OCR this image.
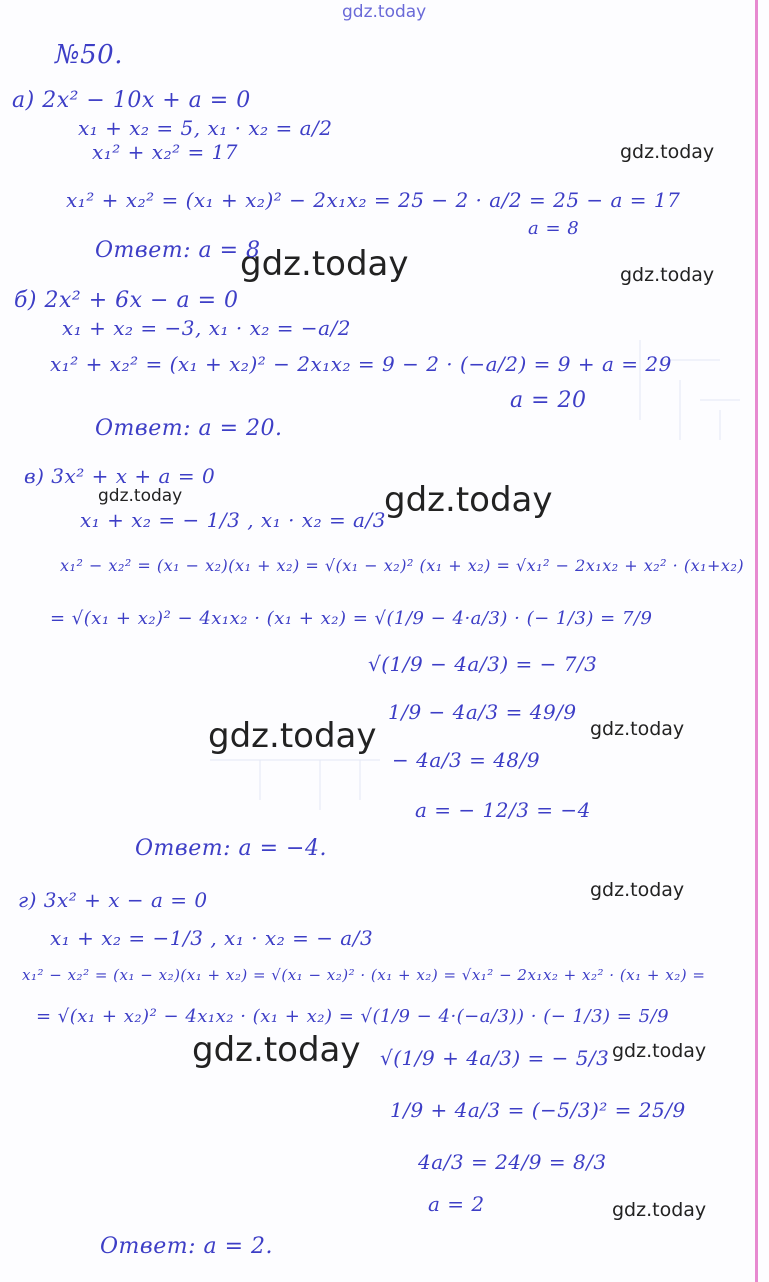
gdz.today
gdz.today
gdz.today	gdz.today
gdz.today	gdz.today
gdz.today	gdz.today
gdz.today
gdz.today	gdz.today
gdz.today
№50.
а) 2x² − 10x + a = 0
x₁ + x₂ = 5, x₁ · x₂ = a/2
x₁² + x₂² = 17
x₁² + x₂² = (x₁ + x₂)² − 2x₁x₂ = 25 − 2 · a/2 = 25 − a = 17
a = 8
Ответ: a = 8
б) 2x² + 6x − a = 0
x₁ + x₂ = −3, x₁ · x₂ = −a/2
x₁² + x₂² = (x₁ + x₂)² − 2x₁x₂ = 9 − 2 · (−a/2) = 9 + a = 29
a = 20
Ответ: a = 20.
в) 3x² + x + a = 0
x₁ + x₂ = − 1/3 , x₁ · x₂ = a/3
x₁² − x₂² = (x₁ − x₂)(x₁ + x₂) = √(x₁ − x₂)² (x₁ + x₂) = √x₁² − 2x₁x₂ + x₂² · (x₁+x₂)
= √(x₁ + x₂)² − 4x₁x₂ · (x₁ + x₂) = √(1/9 − 4·a/3) · (− 1/3) = 7/9
√(1/9 − 4a/3) = − 7/3
1/9 − 4a/3 = 49/9
− 4a/3 = 48/9
a = − 12/3 = −4
Ответ: a = −4.
г) 3x² + x − a = 0
x₁ + x₂ = −1/3 , x₁ · x₂ = − a/3
x₁² − x₂² = (x₁ − x₂)(x₁ + x₂) = √(x₁ − x₂)² · (x₁ + x₂) = √x₁² − 2x₁x₂ + x₂² · (x₁ + x₂) =
= √(x₁ + x₂)² − 4x₁x₂ · (x₁ + x₂) = √(1/9 − 4·(−a/3)) · (− 1/3) = 5/9
√(1/9 + 4a/3) = − 5/3
1/9 + 4a/3 = (−5/3)² = 25/9
4a/3 = 24/9 = 8/3
a = 2
Ответ: a = 2.
